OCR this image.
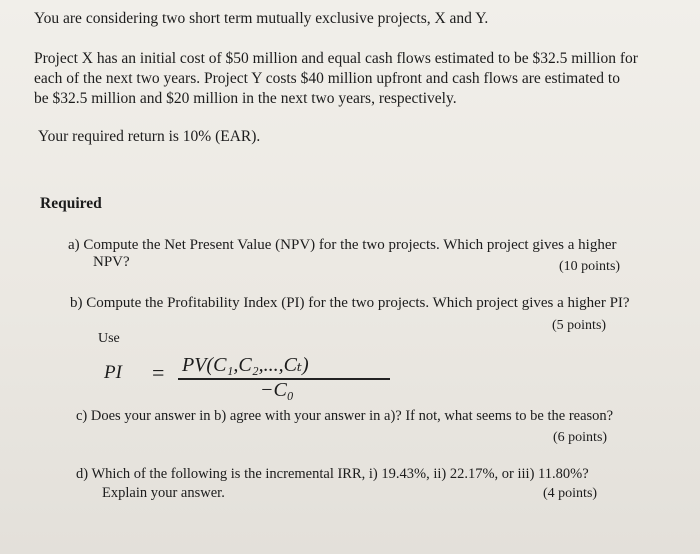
You are considering two short term mutually exclusive projects, X and Y.
Project X has an initial cost of $50 million and equal cash flows estimated to be $32.5 million for
each of the next two years. Project Y costs $40 million upfront and cash flows are estimated to
be $32.5 million and $20 million in the next two years, respectively.
Your required return is 10% (EAR).
Required
a) Compute the Net Present Value (NPV) for the two projects. Which project gives a higher
NPV?	(10 points)
b) Compute the Profitability Index (PI) for the two projects. Which project gives a higher PI?
(5 points)
Use
PI = PV(C₁,C₂,...,Cₜ)
−C₀
c) Does your answer in b) agree with your answer in a)? If not, what seems to be the reason?
(6 points)
d) Which of the following is the incremental IRR, i) 19.43%, ii) 22.17%, or iii) 11.80%?
Explain your answer.	(4 points)
